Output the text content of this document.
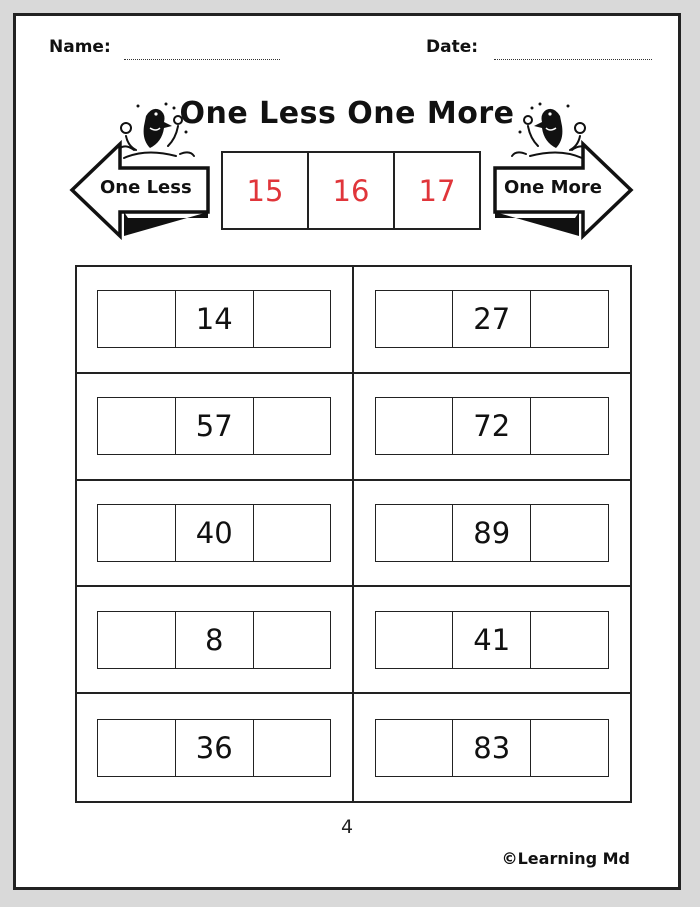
Name:	Date:
One Less One More
One Less	One More
15	16	17
14	27
57	72
40	89
8	41
36	83
4
©Learning Md
